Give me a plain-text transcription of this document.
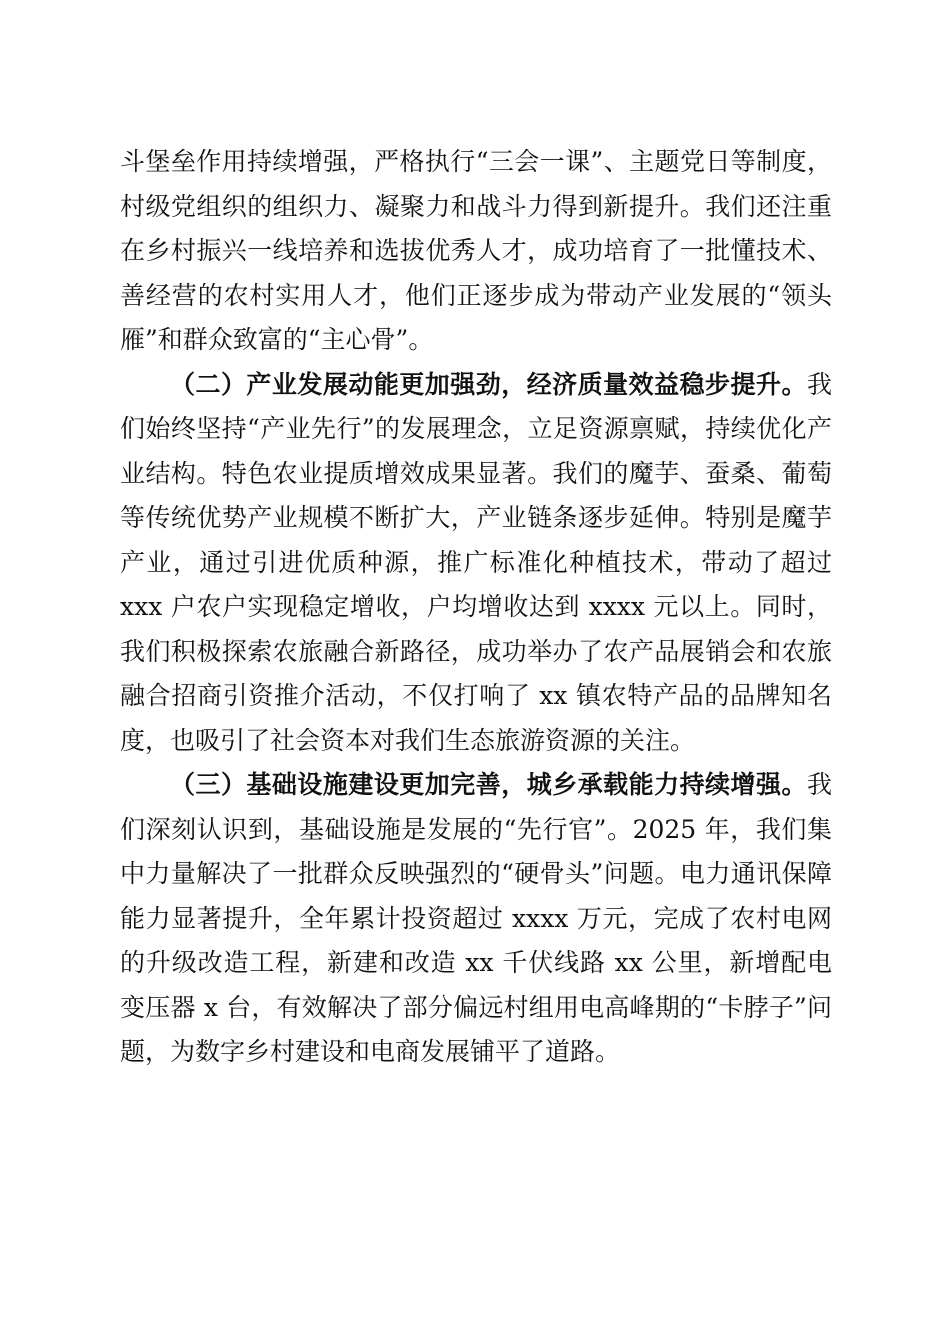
斗堡垒作用持续增强，严格执行“三会一课”、主题党日等制度，村级党组织的组织力、凝聚力和战斗力得到新提升。我们还注重在乡村振兴一线培养和选拔优秀人才，成功培育了一批懂技术、善经营的农村实用人才，他们正逐步成为带动产业发展的“领头雁”和群众致富的“主心骨”。

（二）产业发展动能更加强劲，经济质量效益稳步提升。我们始终坚持“产业先行”的发展理念，立足资源禀赋，持续优化产业结构。特色农业提质增效成果显著。我们的魔芋、蚕桑、葡萄等传统优势产业规模不断扩大，产业链条逐步延伸。特别是魔芋产业，通过引进优质种源，推广标准化种植技术，带动了超过 xxx 户农户实现稳定增收，户均增收达到 xxxx 元以上。同时，我们积极探索农旅融合新路径，成功举办了农产品展销会和农旅融合招商引资推介活动，不仅打响了 xx 镇农特产品的品牌知名度，也吸引了社会资本对我们生态旅游资源的关注。

（三）基础设施建设更加完善，城乡承载能力持续增强。我们深刻认识到，基础设施是发展的“先行官”。2025 年，我们集中力量解决了一批群众反映强烈的“硬骨头”问题。电力通讯保障能力显著提升，全年累计投资超过 xxxx 万元，完成了农村电网的升级改造工程，新建和改造 xx 千伏线路 xx 公里，新增配电变压器 x 台，有效解决了部分偏远村组用电高峰期的“卡脖子”问题，为数字乡村建设和电商发展铺平了道路。
